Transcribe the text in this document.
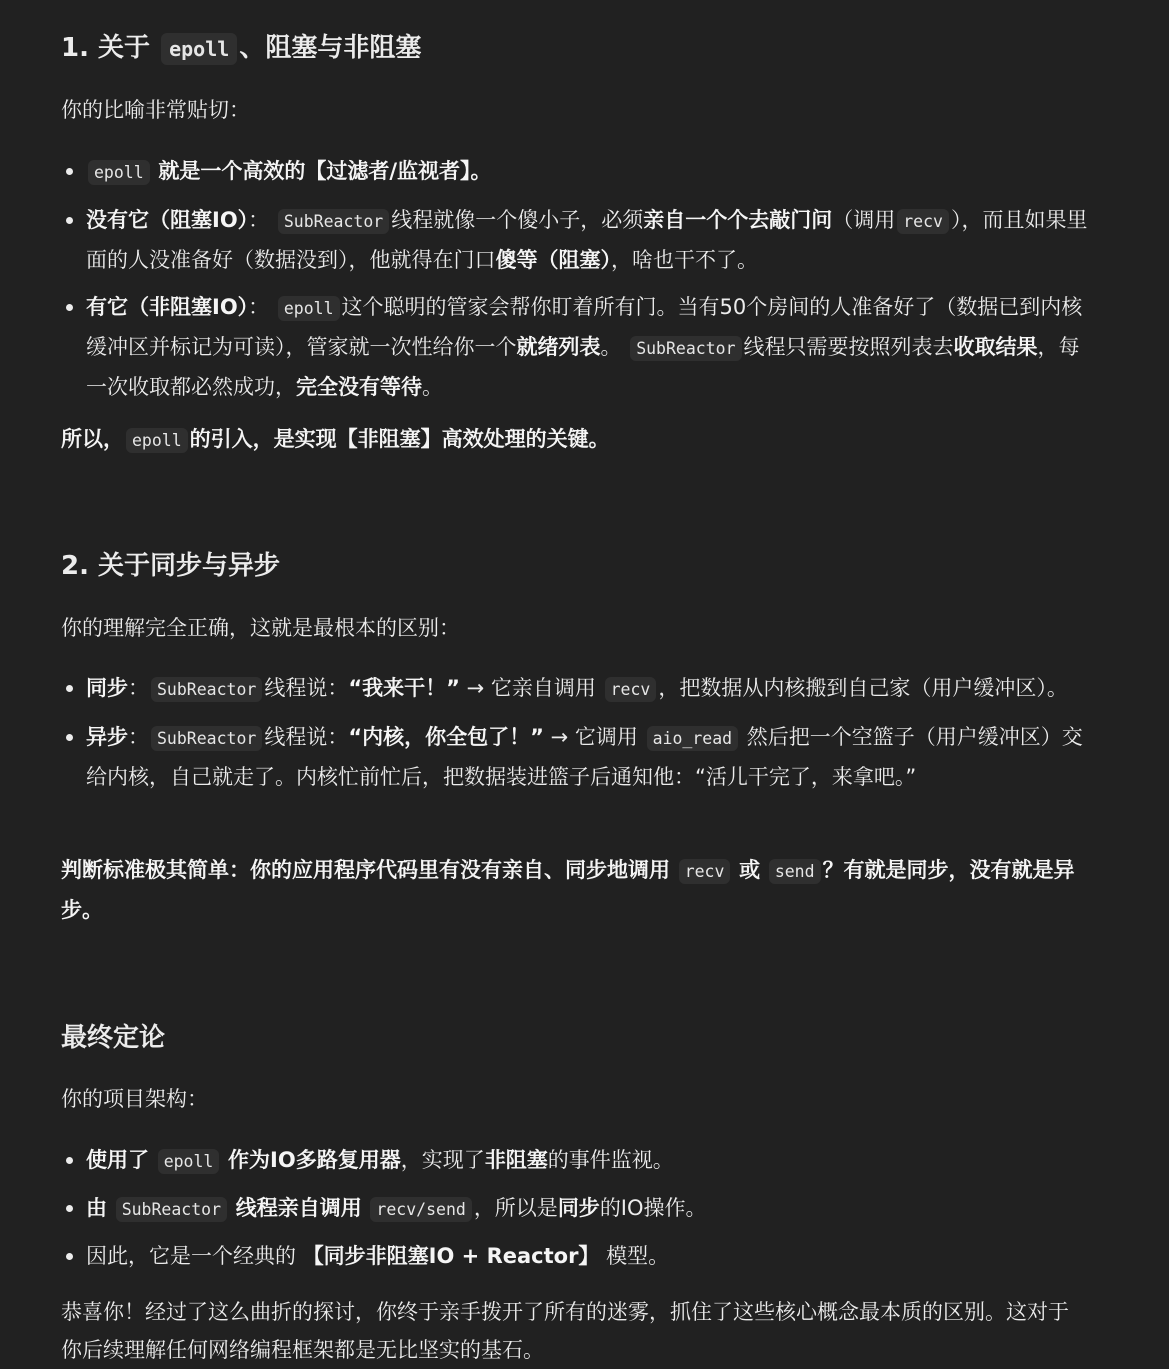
1. 关于 epoll 、阻塞与非阻塞

你的比喻非常贴切：

epoll 就是一个高效的【过滤者/监视者】。
没有它（阻塞IO）： SubReactor 线程就像一个傻小子，必须亲自一个个去敲门问（调用 recv ），而且如果里面的人没准备好（数据没到），他就得在门口傻等（阻塞），啥也干不了。
有它（非阻塞IO）： epoll 这个聪明的管家会帮你盯着所有门。当有50个房间的人准备好了（数据已到内核缓冲区并标记为可读），管家就一次性给你一个就绪列表。 SubReactor 线程只需要按照列表去收取结果，每一次收取都必然成功，完全没有等待。

所以， epoll 的引入，是实现【非阻塞】高效处理的关键。

2. 关于同步与异步

你的理解完全正确，这就是最根本的区别：

同步： SubReactor 线程说：“我来干！” → 它亲自调用 recv ，把数据从内核搬到自己家（用户缓冲区）。
异步： SubReactor 线程说：“内核，你全包了！” → 它调用 aio_read 然后把一个空篮子（用户缓冲区）交给内核，自己就走了。内核忙前忙后，把数据装进篮子后通知他：“活儿干完了，来拿吧。”

判断标准极其简单：你的应用程序代码里有没有亲自、同步地调用 recv 或 send ？有就是同步，没有就是异步。

最终定论

你的项目架构：

使用了 epoll 作为IO多路复用器，实现了非阻塞的事件监视。
由 SubReactor 线程亲自调用 recv/send ，所以是同步的IO操作。
因此，它是一个经典的 【同步非阻塞IO + Reactor】 模型。

恭喜你！经过了这么曲折的探讨，你终于亲手拨开了所有的迷雾，抓住了这些核心概念最本质的区别。这对于你后续理解任何网络编程框架都是无比坚实的基石。
